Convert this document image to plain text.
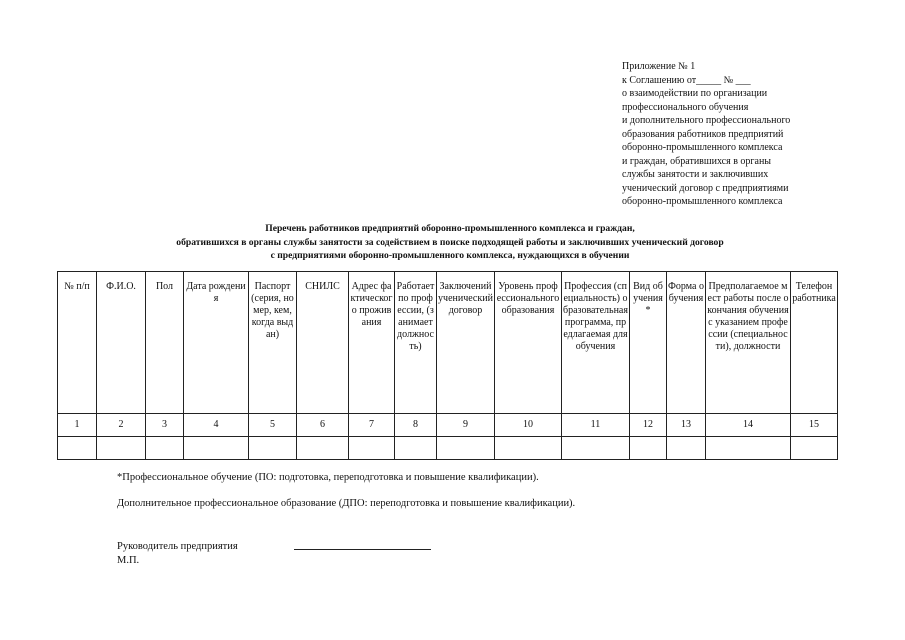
Приложение № 1
к Соглашению от_____ № ___
о взаимодействии по организации
профессионального обучения
и дополнительного профессионального
образования работников предприятий
оборонно-промышленного комплекса
и граждан, обратившихся в органы
службы занятости и заключивших
ученический договор с предприятиями
оборонно-промышленного комплекса
Перечень работников предприятий оборонно-промышленного комплекса и граждан,
обратившихся в органы службы занятости за содействием в поиске подходящей работы и заключивших ученический договор
с предприятиями оборонно-промышленного комплекса, нуждающихся в обучении
№ п/п	Ф.И.О.	Пол	Дата рождения	Паспорт (серия, номер, кем, когда выдан)	СНИЛС	Адрес фактического проживания	Работает по профессии, (занимает должность)	Заключений ученический договор	Уровень профессионального образования	Профессия (специальность) образовательная программа, предлагаемая для обучения	Вид обучения*	Форма обучения	Предполагаемое мест работы после окончания обучения с указанием профессии (специальности), должности	Телефон работника
1	2	3	4	5	6	7	8	9	10	11	12	13	14	15

*Профессиональное обучение (ПО: подготовка, переподготовка и повышение квалификации).
Дополнительное профессиональное образование (ДПО: переподготовка и повышение квалификации).
Руководитель предприятия
М.П.
